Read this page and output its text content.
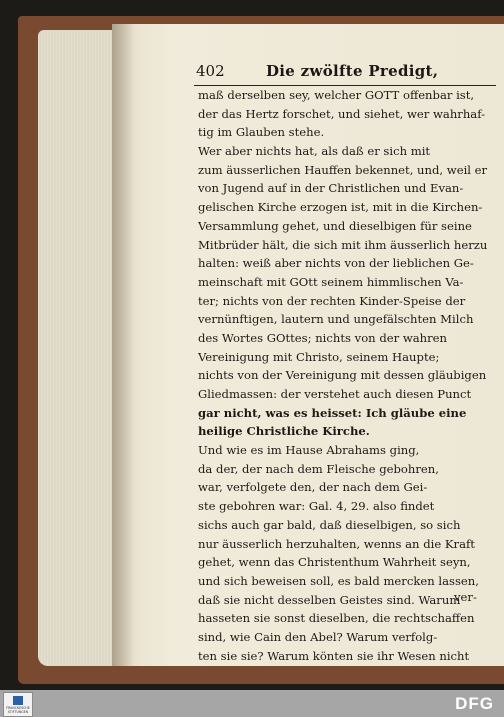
402	Die zwölfte Predigt,
maß derselben sey, welcher GOTT offenbar ist,
der das Hertz forschet, und siehet, wer wahrhaf-
tig im Glauben stehe.
Wer aber nichts hat, als daß er sich mit
zum äusserlichen Hauffen bekennet, und, weil er
von Jugend auf in der Christlichen und Evan-
gelischen Kirche erzogen ist, mit in die Kirchen-
Versammlung gehet, und dieselbigen für seine
Mitbrüder hält, die sich mit ihm äusserlich herzu
halten: weiß aber nichts von der lieblichen Ge-
meinschaft mit GOtt seinem himmlischen Va-
ter; nichts von der rechten Kinder-Speise der
vernünftigen, lautern und ungefälschten Milch
des Wortes GOttes; nichts von der wahren
Vereinigung mit Christo, seinem Haupte;
nichts von der Vereinigung mit dessen gläubigen
Gliedmassen: der verstehet auch diesen Punct
gar nicht, was es heisset: Ich gläube eine
heilige Christliche Kirche.
Und wie es im Hause Abrahams ging,
da der, der nach dem Fleische gebohren,
war, verfolgete den, der nach dem Gei-
ste gebohren war: Gal. 4, 29. also findet
sichs auch gar bald, daß dieselbigen, so sich
nur äusserlich herzuhalten, wenns an die Kraft
gehet, wenn das Christenthum Wahrheit seyn,
und sich beweisen soll, es bald mercken lassen,
daß sie nicht desselben Geistes sind. Warum
hasseten sie sonst dieselben, die rechtschaffen
sind, wie Cain den Abel? Warum verfolg-
ten sie sie? Warum könten sie ihr Wesen nicht
ver-
FRANCKESCHE STIFTUNGEN	DFG
